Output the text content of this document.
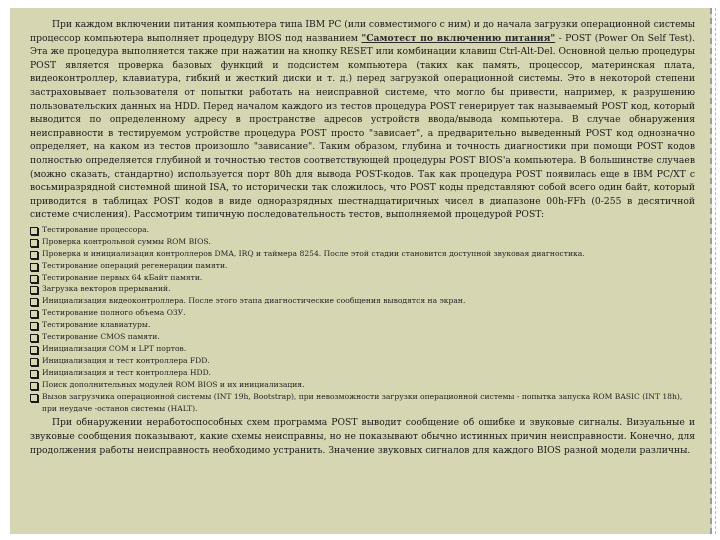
При каждом включении питания компьютера типа IBM PC (или совместимого с ним) и до начала загрузки операционной системы процессор компьютера выполняет процедуру BIOS под названием "Самотест по включению питания" - POST (Power On Self Test). Эта же процедура выполняется также при нажатии на кнопку RESET или комбинации клавиш Ctrl-Alt-Del. Основной целью процедуры POST является проверка базовых функций и подсистем компьютера (таких как память, процессор, материнская плата, видеоконтроллер, клавиатура, гибкий и жесткий диски и т. д.) перед загрузкой операционной системы. Это в некоторой степени застраховывает пользователя от попытки работать на неисправной системе, что могло бы привести, например, к разрушению пользовательских данных на HDD. Перед началом каждого из тестов процедура POST генерирует так называемый POST код, который выводится по определенному адресу в пространстве адресов устройств ввода/вывода компьютера. В случае обнаружения неисправности в тестируемом устройстве процедура POST просто "зависает", а предварительно выведенный POST код однозначно определяет, на каком из тестов произошло "зависание". Таким образом, глубина и точность диагностики при помощи POST кодов полностью определяется глубиной и точностью тестов соответствующей процедуры POST BIOS'a компьютера. В большинстве случаев (можно сказать, стандартно) используется порт 80h для вывода POST-кодов. Так как процедура POST появилась еще в IBM PC/XT с восьмиразрядной системной шиной ISA, то исторически так сложилось, что POST коды представляют собой всего один байт, который приводится в таблицах POST кодов в виде одноразрядных шестнадцатиричных чисел в диапазоне 00h-FFh (0-255 в десятичной системе счисления). Рассмотрим типичную последовательность тестов, выполняемой процедурой POST:

Тестирование процессора.
Проверка контрольной суммы ROM BIOS.
Проверка и инициализация контроллеров DMA, IRQ и таймера 8254. После этой стадии становится доступной звуковая диагностика.
Тестирование операций регенерации памяти.
Тестирование первых 64 кБайт памяти.
Загрузка векторов прерываний.
Инициализация видеоконтроллера. После этого этапа диагностические сообщения выводятся на экран.
Тестирование полного объема ОЗУ.
Тестирование клавиатуры.
Тестирование CMOS памяти.
Инициализация COM и LPT портов.
Инициализация и тест контроллера FDD.
Инициализация и тест контроллера HDD.
Поиск дополнительных модулей ROM BIOS и их инициализация.
Вызов загрузчика операционной системы (INT 19h, Bootstrap), при невозможности загрузки операционной системы - попытка запуска ROM BASIC (INT 18h), при неудаче -останов системы (HALT).

При обнаружении неработоспособных схем программа POST выводит сообщение об ошибке и звуковые сигналы. Визуальные и звуковые сообщения показывают, какие схемы неисправны, но не показывают обычно истинных причин неисправности. Конечно, для продолжения работы неисправность необходимо устранить. Значение звуковых сигналов для каждого BIOS разной модели различны.
